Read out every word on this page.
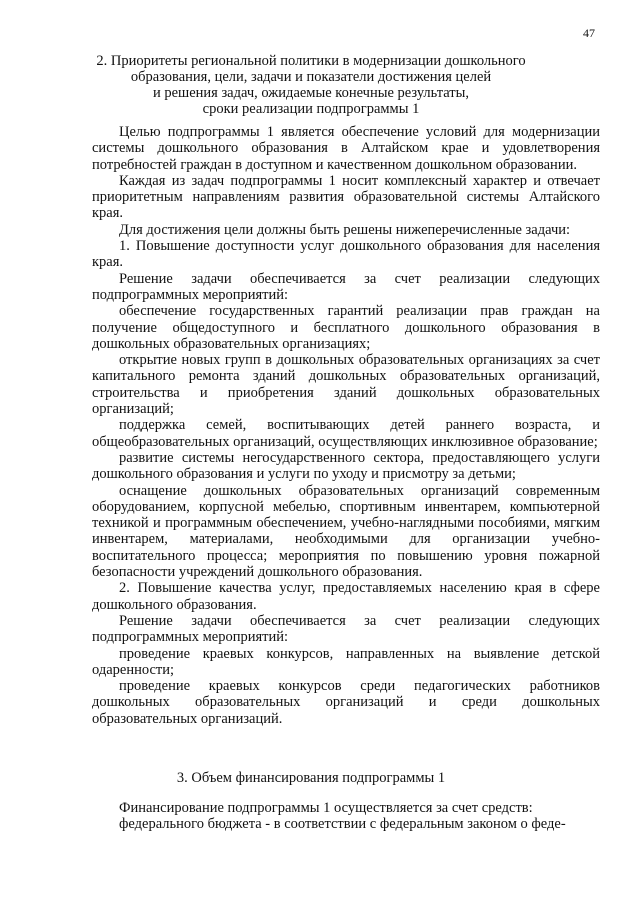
47
2. Приоритеты региональной политики в модернизации дошкольного
образования, цели, задачи и показатели достижения целей
и решения задач, ожидаемые конечные результаты,
сроки реализации подпрограммы 1

Целью подпрограммы 1 является обеспечение условий для модернизации системы дошкольного образования в Алтайском крае и удовлетворения потребностей граждан в доступном и качественном дошкольном образовании.

Каждая из задач подпрограммы 1 носит комплексный характер и отвечает приоритетным направлениям развития образовательной системы Алтайского края.

Для достижения цели должны быть решены нижеперечисленные задачи:

1. Повышение доступности услуг дошкольного образования для населения края.

Решение задачи обеспечивается за счет реализации следующих подпрограммных мероприятий:

обеспечение государственных гарантий реализации прав граждан на получение общедоступного и бесплатного дошкольного образования в дошкольных образовательных организациях;

открытие новых групп в дошкольных образовательных организациях за счет капитального ремонта зданий дошкольных образовательных организаций, строительства и приобретения зданий дошкольных образовательных организаций;

поддержка семей, воспитывающих детей раннего возраста, и общеобразовательных организаций, осуществляющих инклюзивное образование;

развитие системы негосударственного сектора, предоставляющего услуги дошкольного образования и услуги по уходу и присмотру за детьми;

оснащение дошкольных образовательных организаций современным оборудованием, корпусной мебелью, спортивным инвентарем, компьютерной техникой и программным обеспечением, учебно-наглядными пособиями, мягким инвентарем, материалами, необходимыми для организации учебно-воспитательного процесса; мероприятия по повышению уровня пожарной безопасности учреждений дошкольного образования.

2. Повышение качества услуг, предоставляемых населению края в сфере дошкольного образования.

Решение задачи обеспечивается за счет реализации следующих подпрограммных мероприятий:

проведение краевых конкурсов, направленных на выявление детской одаренности;

проведение краевых конкурсов среди педагогических работников дошкольных образовательных организаций и среди дошкольных образовательных организаций.

3. Объем финансирования подпрограммы 1

Финансирование подпрограммы 1 осуществляется за счет средств:

федерального бюджета - в соответствии с федеральным законом о феде-
